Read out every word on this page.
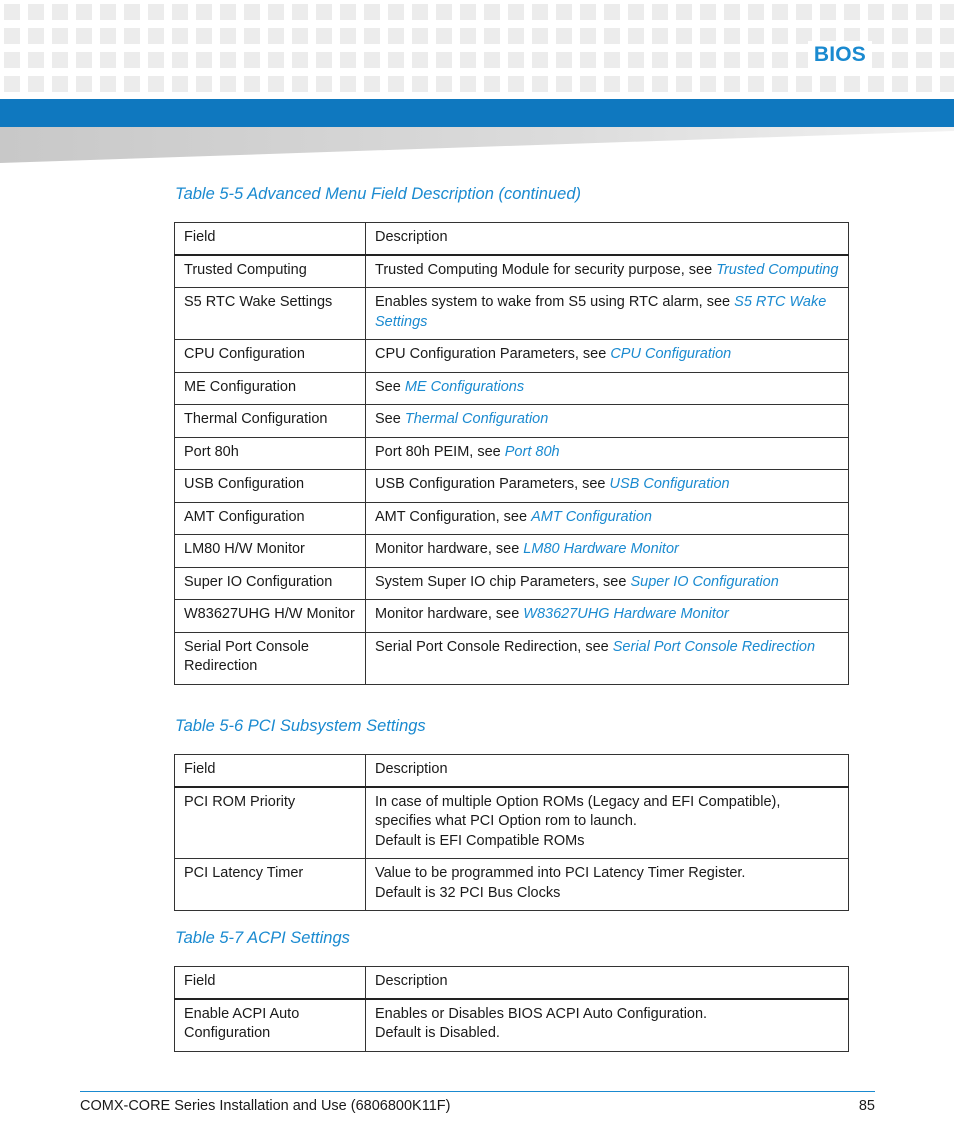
BIOS
Table 5-5 Advanced Menu Field Description (continued)
Field	Description
Trusted Computing	Trusted Computing Module for security purpose, see Trusted Computing
S5 RTC Wake Settings	Enables system to wake from S5 using RTC alarm, see S5 RTC Wake Settings
CPU Configuration	CPU Configuration Parameters, see CPU Configuration
ME Configuration	See ME Configurations
Thermal Configuration	See Thermal Configuration
Port 80h	Port 80h PEIM, see Port 80h
USB Configuration	USB Configuration Parameters, see USB Configuration
AMT Configuration	AMT Configuration, see AMT Configuration
LM80 H/W Monitor	Monitor hardware, see LM80 Hardware Monitor
Super IO Configuration	System Super IO chip Parameters, see Super IO Configuration
W83627UHG H/W Monitor	Monitor hardware, see W83627UHG Hardware Monitor
Serial Port Console Redirection	Serial Port Console Redirection, see Serial Port Console Redirection
Table 5-6 PCI Subsystem Settings
Field	Description
PCI ROM Priority	In case of multiple Option ROMs (Legacy and EFI Compatible),
specifies what PCI Option rom to launch.
Default is EFI Compatible ROMs

PCI Latency Timer	Value to be programmed into PCI Latency Timer Register.
Default is 32 PCI Bus Clocks
Table 5-7 ACPI Settings
Field	Description
Enable ACPI Auto Configuration	Enables or Disables BIOS ACPI Auto Configuration.
Default is Disabled.
COMX-CORE Series Installation and Use (6806800K11F)	85
